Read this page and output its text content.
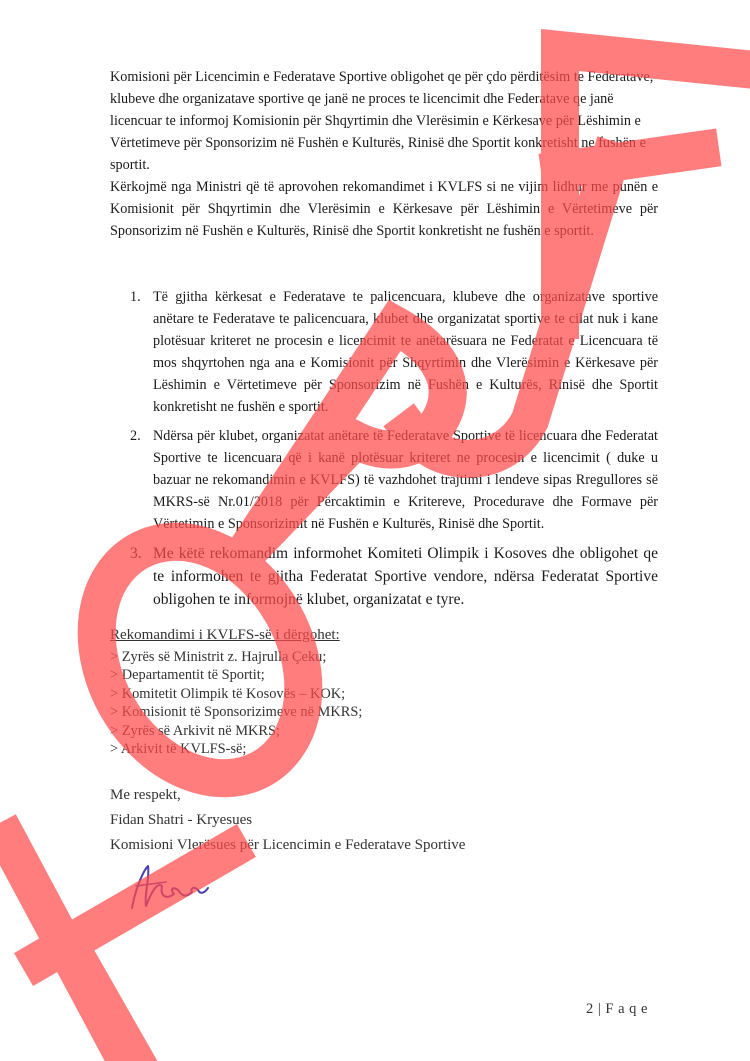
Komisioni për Licencimin e Federatave Sportive obligohet qe për çdo përditësim te Federatave, klubeve dhe organizatave sportive qe janë ne proces te licencimit dhe Federatave qe janë licencuar te informoj Komisionin për Shqyrtimin dhe Vlerësimin e Kërkesave për Lëshimin e Vërtetimeve për Sponsorizim në Fushën e Kulturës, Rinisë dhe Sportit konkretisht ne fushën e sportit.

Kërkojmë nga Ministri që të aprovohen rekomandimet i KVLFS si ne vijim lidhur me punën e Komisionit për Shqyrtimin dhe Vlerësimin e Kërkesave për Lëshimin e Vërtetimeve për Sponsorizim në Fushën e Kulturës, Rinisë dhe Sportit konkretisht ne fushën e sportit.

1. Të gjitha kërkesat e Federatave te palicencuara, klubeve dhe organizatave sportive anëtare te Federatave te palicencuara, klubet dhe organizatat sportive te cilat nuk i kane plotësuar kriteret ne procesin e licencimit te anëtarësuara ne Federatat e Licencuara të mos shqyrtohen nga ana e Komisionit për Shqyrtimin dhe Vlerësimin e Kërkesave për Lëshimin e Vërtetimeve për Sponsorizim në Fushën e Kulturës, Rinisë dhe Sportit konkretisht ne fushën e sportit.
2. Ndërsa për klubet, organizatat anëtare të Federatave Sportive të licencuara dhe Federatat Sportive te licencuara që i kanë plotësuar kriteret ne procesin e licencimit ( duke u bazuar ne rekomandimin e KVLFS) të vazhdohet trajtimi i lendeve sipas Rregullores së MKRS-së Nr.01/2018 për Përcaktimin e Kritereve, Procedurave dhe Formave për Vërtetimin e Sponsorizimit në Fushën e Kulturës, Rinisë dhe Sportit.
3. Me këtë rekomandim informohet Komiteti Olimpik i Kosoves dhe obligohet qe te informohen te gjitha Federatat Sportive vendore, ndërsa Federatat Sportive obligohen te informojnë klubet, organizatat e tyre.
Rekomandimi i KVLFS-së i dërgohet:
> Zyrës së Ministrit z. Hajrulla Çeku;
> Departamentit të Sportit;
> Komitetit Olimpik të Kosovës – KOK;
> Komisionit të Sponsorizimeve në MKRS;
> Zyrës së Arkivit në MKRS;
> Arkivit të KVLFS-së;
Me respekt,
Fidan Shatri - Kryesues
Komisioni Vlerësues për Licencimin e Federatave Sportive
2 | F a q e
